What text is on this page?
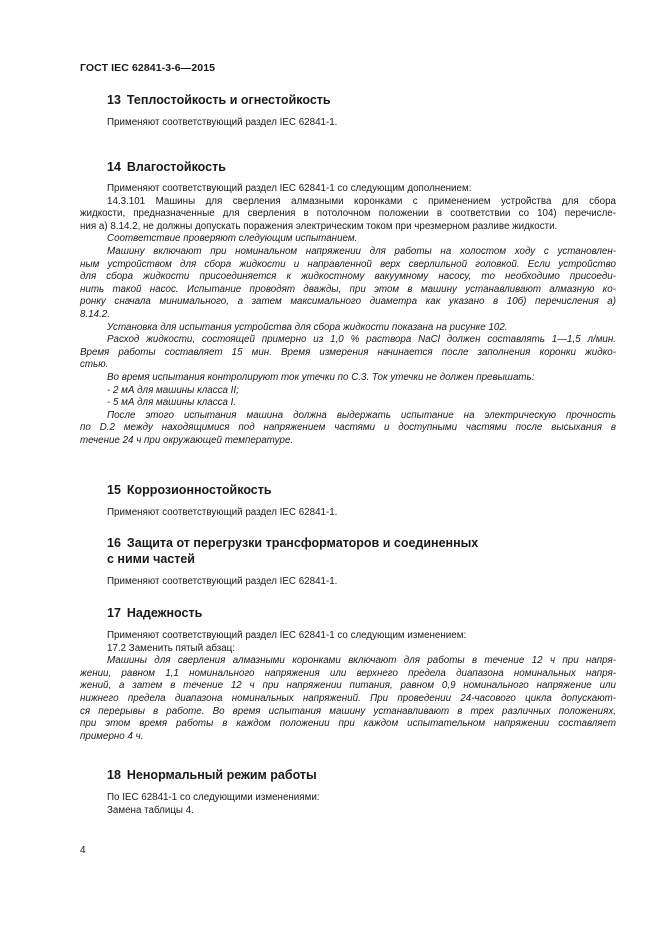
ГОСТ IEC 62841-3-6—2015
13 Теплостойкость и огнестойкость
Применяют соответствующий раздел IEC 62841-1.
14 Влагостойкость
Применяют соответствующий раздел IEC 62841-1 со следующим дополнением:
14.3.101 Машины для сверления алмазными коронками с применением устройства для сбора
жидкости, предназначенные для сверления в потолочном положении в соответствии со 104) перечисле-
ния а) 8.14.2, не должны допускать поражения электрическим током при чрезмерном разливе жидкости.
Соответствие проверяют следующим испытанием.
Машину включают при номинальном напряжении для работы на холостом ходу с установлен-
ным устройством для сбора жидкости и направленной верх сверлильной головкой. Если устройство
для сбора жидкости присоединяется к жидкостному вакуумному насосу, то необходимо присоеди-
нить такой насос. Испытание проводят дважды, при этом в машину устанавливают алмазную ко-
ронку сначала минимального, а затем максимального диаметра как указано в 10б) перечисления а)
8.14.2.
Установка для испытания устройства для сбора жидкости показана на рисунке 102.
Расход жидкости, состоящей примерно из 1,0 % раствора NaCl должен составлять 1—1,5 л/мин.
Время работы составляет 15 мин. Время измерения начинается после заполнения коронки жидко-
стью.
Во время испытания контролируют ток утечки по С.3. Ток утечки не должен превышать:
- 2 мА для машины класса II;
- 5 мА для машины класса I.
После этого испытания машина должна выдержать испытание на электрическую прочность
по D.2 между находящимися под напряжением частями и доступными частями после высыхания в
течение 24 ч при окружающей температуре.
15 Коррозионностойкость
Применяют соответствующий раздел IEC 62841-1.
16 Защита от перегрузки трансформаторов и соединенных
с ними частей
Применяют соответствующий раздел IEC 62841-1.
17 Надежность
Применяют соответствующий раздел IEC 62841-1 со следующим изменением:
17.2 Заменить пятый абзац:
Машины для сверления алмазными коронками включают для работы в течение 12 ч при напря-
жении, равном 1,1 номинального напряжения или верхнего предела диапазона номинальных напря-
жений, а затем в течение 12 ч при напряжении питания, равном 0,9 номинального напряжение или
нижнего предела диапазона номинальных напряжений. При проведении 24-часового цикла допускают-
ся перерывы в работе. Во время испытания машину устанавливают в трех различных положениях,
при этом время работы в каждом положении при каждом испытательном напряжении составляет
примерно 4 ч.
18 Ненормальный режим работы
По IEC 62841-1 со следующими изменениями:
Замена таблицы 4.
4
